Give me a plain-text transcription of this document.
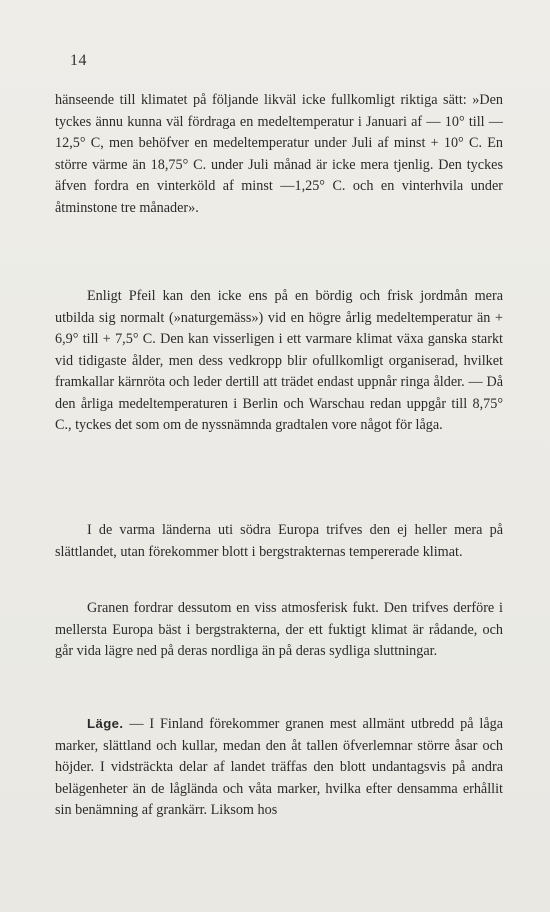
14

hänseende till klimatet på följande likväl icke fullkomligt riktiga sätt: »Den tyckes ännu kunna väl fördraga en medeltemperatur i Januari af — 10° till —12,5° C, men behöfver en medeltemperatur under Juli af minst + 10° C. En större värme än 18,75° C. under Juli månad är icke mera tjenlig. Den tyckes äfven fordra en vinterköld af minst —1,25° C. och en vinterhvila under åtminstone tre månader».

Enligt Pfeil kan den icke ens på en bördig och frisk jordmån mera utbilda sig normalt (»naturgemäss») vid en högre årlig medeltemperatur än + 6,9° till + 7,5° C. Den kan visserligen i ett varmare klimat växa ganska starkt vid tidigaste ålder, men dess vedkropp blir ofullkomligt organiserad, hvilket framkallar kärnröta och leder dertill att trädet endast uppnår ringa ålder. — Då den årliga medeltemperaturen i Berlin och Warschau redan uppgår till 8,75° C., tyckes det som om de nyssnämnda gradtalen vore något för låga.

I de varma länderna uti södra Europa trifves den ej heller mera på slättlandet, utan förekommer blott i bergstrakternas tempererade klimat.

Granen fordrar dessutom en viss atmosferisk fukt. Den trifves derföre i mellersta Europa bäst i bergstrakterna, der ett fuktigt klimat är rådande, och går vida lägre ned på deras nordliga än på deras sydliga sluttningar.

Läge. — I Finland förekommer granen mest allmänt utbredd på låga marker, slättland och kullar, medan den åt tallen öfverlemnar större åsar och höjder. I vidsträckta delar af landet träffas den blott undantagsvis på andra belägenheter än de låglända och våta marker, hvilka efter densamma erhållit sin benämning af grankärr. Liksom hos
